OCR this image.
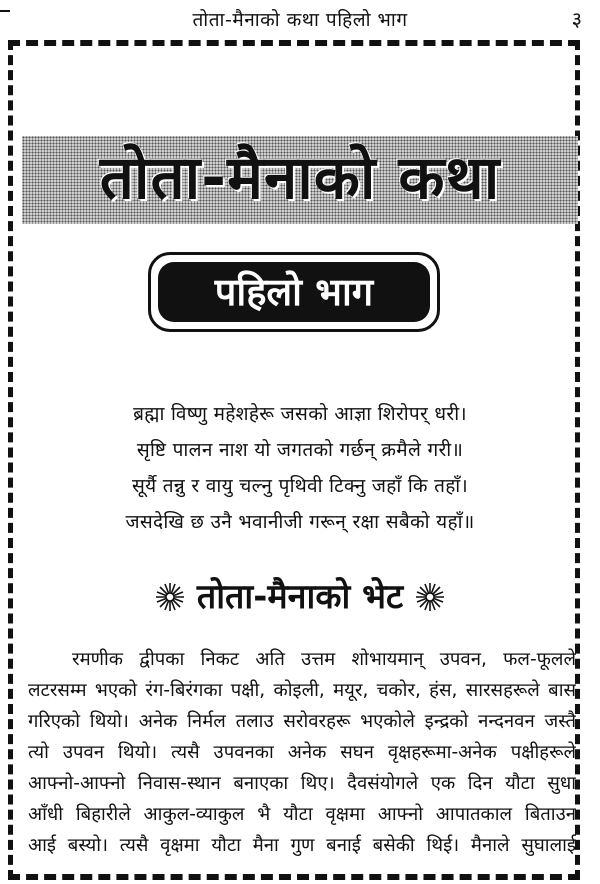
तोता-मैनाको कथा पहिलो भाग	३
तोता-मैनाको कथा
पहिलो भाग
ब्रह्मा विष्णु महेशहेरू जसको आज्ञा शिरोपर् धरी।
सृष्टि पालन नाश यो जगतको गर्छन् क्रमैले गरी॥
सूर्यै तन्नु र वायु चल्नु पृथिवी टिक्नु जहाँ कि तहाँ।
जसदेखि छ उनै भवानीजी गरून् रक्षा सबैको यहाँ॥
तोता-मैनाको भेट
रमणीक द्वीपका निकट अति उत्तम शोभायमान् उपवन, फल-फूलले
लटरसम्म भएको रंग-बिरंगका पक्षी, कोइली, मयूर, चकोर, हंस, सारसहरूले बास
गरिएको थियो। अनेक निर्मल तलाउ सरोवरहरू भएकोले इन्द्रको नन्दनवन जस्तै
त्यो उपवन थियो। त्यसै उपवनका अनेक सघन वृक्षहरूमा-अनेक पक्षीहरूले
आफ्नो-आफ्नो निवास-स्थान बनाएका थिए। दैवसंयोगले एक दिन यौटा सुधा
आँधी बिहारीले आकुल-व्याकुल भै यौटा वृक्षमा आफ्नो आपातकाल बिताउन
आई बस्यो। त्यसै वृक्षमा यौटा मैना गुण बनाई बसेकी थिई। मैनाले सुघालाई
